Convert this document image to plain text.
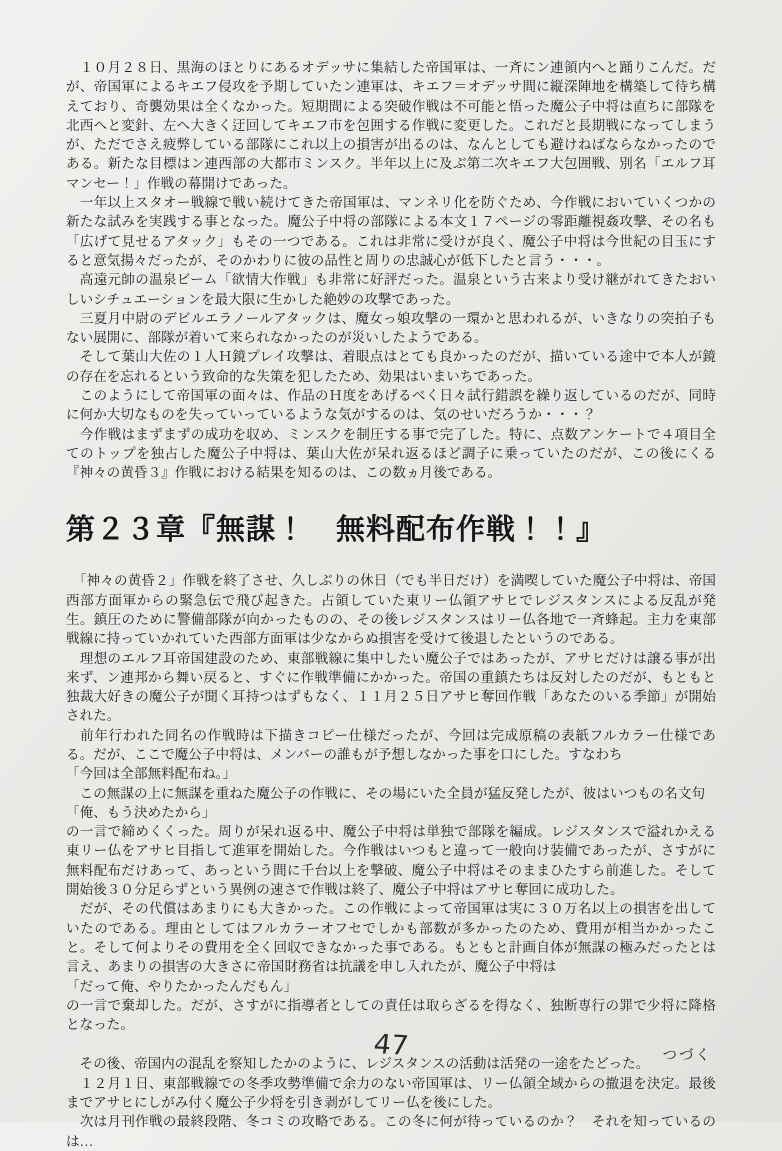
　１０月２８日、黒海のほとりにあるオデッサに集結した帝国軍は、一斉にン連領内へと踊りこんだ。だが、帝国軍によるキエフ侵攻を予期していたン連軍は、キエフ＝オデッサ間に縦深陣地を構築して待ち構えており、奇襲効果は全くなかった。短期間による突破作戦は不可能と悟った魔公子中将は直ちに部隊を北西へと変針、左へ大きく迂回してキエフ市を包囲する作戦に変更した。これだと長期戦になってしまうが、ただでさえ疲弊している部隊にこれ以上の損害が出るのは、なんとしても避けねばならなかったのである。新たな目標はン連西部の大都市ミンスク。半年以上に及ぶ第二次キエフ大包囲戦、別名「エルフ耳マンセー！」作戦の幕開けであった。

　一年以上スタオー戦線で戦い続けてきた帝国軍は、マンネリ化を防ぐため、今作戦においていくつかの新たな試みを実践する事となった。魔公子中将の部隊による本文１７ページの零距離視姦攻撃、その名も「広げて見せるアタック」もその一つである。これは非常に受けが良く、魔公子中将は今世紀の目玉にすると意気揚々だったが、そのかわりに彼の品性と周りの忠誠心が低下したと言う・・・。

　高遠元帥の温泉ビーム「欲情大作戦」も非常に好評だった。温泉という古来より受け継がれてきたおいしいシチュエーションを最大限に生かした絶妙の攻撃であった。

　三夏月中尉のデビルエラノールアタックは、魔女っ娘攻撃の一環かと思われるが、いきなりの突拍子もない展開に、部隊が着いて来られなかったのが災いしたようである。

　そして葉山大佐の１人Ｈ鏡プレイ攻撃は、着眼点はとても良かったのだが、描いている途中で本人が鏡の存在を忘れるという致命的な失策を犯したため、効果はいまいちであった。

　このようにして帝国軍の面々は、作品のＨ度をあげるべく日々試行錯誤を繰り返しているのだが、同時に何か大切なものを失っていっているような気がするのは、気のせいだろうか・・・？

　今作戦はまずまずの成功を収め、ミンスクを制圧する事で完了した。特に、点数アンケートで４項目全てのトップを独占した魔公子中将は、葉山大佐が呆れ返るほど調子に乗っていたのだが、この後にくる『神々の黄昏３』作戦における結果を知るのは、この数ヵ月後である。

第２３章『無謀！　無料配布作戦！！』

　「神々の黄昏２」作戦を終了させ、久しぶりの休日（でも半日だけ）を満喫していた魔公子中将は、帝国西部方面軍からの緊急伝で飛び起きた。占領していた東リー仏領アサヒでレジスタンスによる反乱が発生。鎮圧のために警備部隊が向かったものの、その後レジスタンスはリー仏各地で一斉蜂起。主力を東部戦線に持っていかれていた西部方面軍は少なからぬ損害を受けて後退したというのである。

　理想のエルフ耳帝国建設のため、東部戦線に集中したい魔公子ではあったが、アサヒだけは譲る事が出来ず、ン連邦から舞い戻ると、すぐに作戦準備にかかった。帝国の重鎮たちは反対したのだが、もともと独裁大好きの魔公子が聞く耳持つはずもなく、１１月２５日アサヒ奪回作戦「あなたのいる季節」が開始された。

　前年行われた同名の作戦時は下描きコピー仕様だったが、今回は完成原稿の表紙フルカラー仕様である。だが、ここで魔公子中将は、メンバーの誰もが予想しなかった事を口にした。すなわち

「今回は全部無料配布ね。」

　この無謀の上に無謀を重ねた魔公子の作戦に、その場にいた全員が猛反発したが、彼はいつもの名文句

「俺、もう決めたから」

の一言で締めくくった。周りが呆れ返る中、魔公子中将は単独で部隊を編成。レジスタンスで溢れかえる東リー仏をアサヒ目指して進軍を開始した。今作戦はいつもと違って一般向け装備であったが、さすがに無料配布だけあって、あっという間に千台以上を撃破、魔公子中将はそのままひたすら前進した。そして開始後３０分足らずという異例の速さで作戦は終了、魔公子中将はアサヒ奪回に成功した。

　だが、その代償はあまりにも大きかった。この作戦によって帝国軍は実に３０万名以上の損害を出していたのである。理由としてはフルカラーオフセでしかも部数が多かったのため、費用が相当かかったこと。そして何よりその費用を全く回収できなかった事である。もともと計画自体が無謀の極みだったとは言え、あまりの損害の大きさに帝国財務省は抗議を申し入れたが、魔公子中将は

「だって俺、やりたかったんだもん」

の一言で棄却した。だが、さすがに指導者としての責任は取らざるを得なく、独断専行の罪で少将に降格となった。

　その後、帝国内の混乱を察知したかのように、レジスタンスの活動は活発の一途をたどった。

　１２月１日、東部戦線での冬季攻勢準備で余力のない帝国軍は、リー仏領全域からの撤退を決定。最後までアサヒにしがみ付く魔公子少将を引き剥がしてリー仏を後にした。

　次は月刊作戦の最終段階、冬コミの攻略である。この冬に何が待っているのか？　それを知っているのは…

47	つづく
